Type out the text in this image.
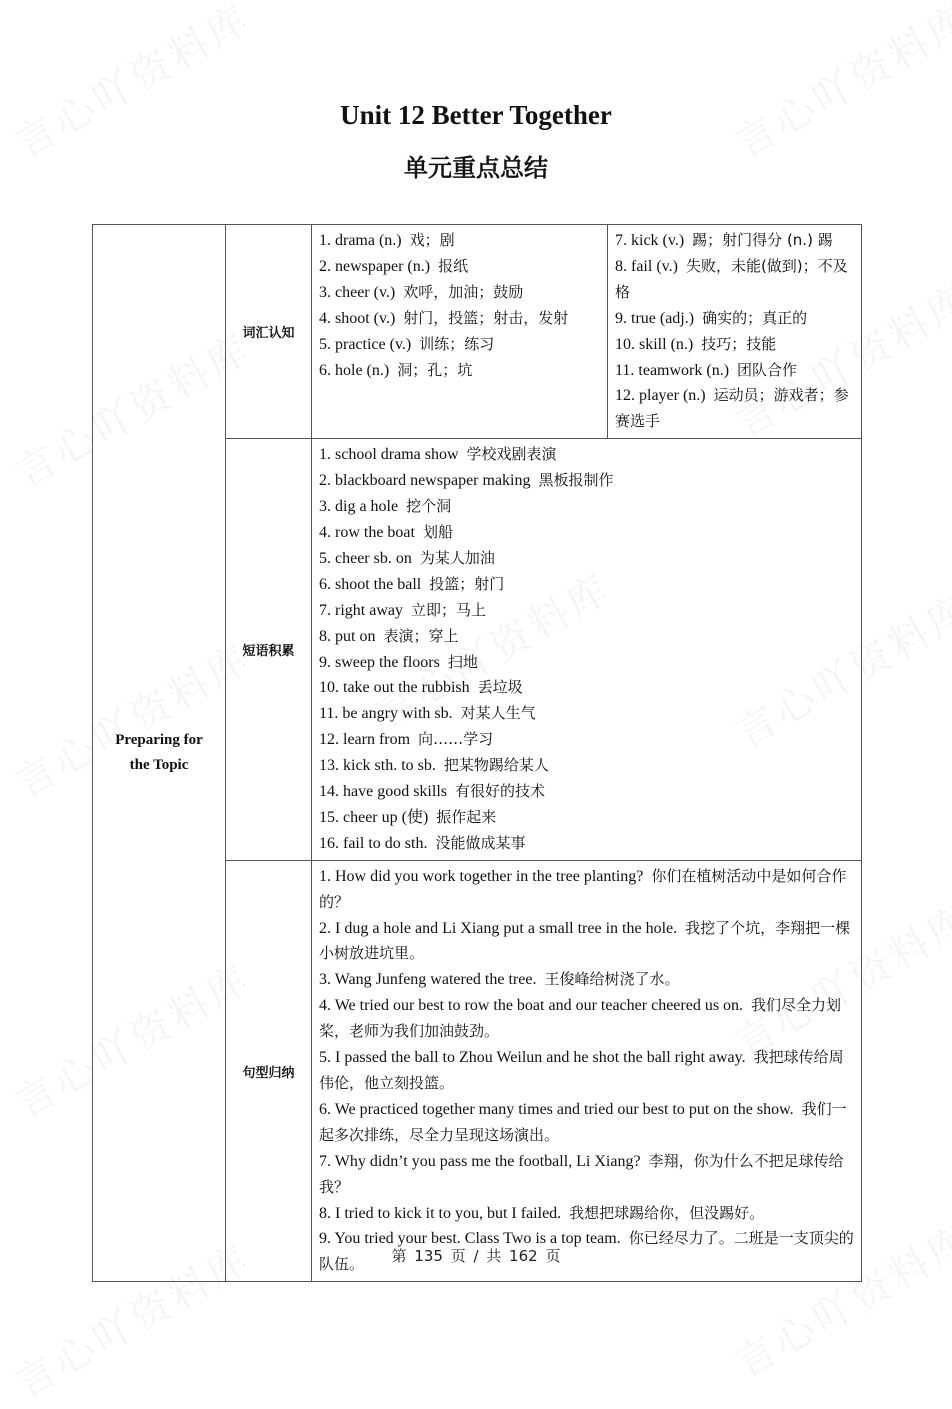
Unit 12 Better Together
单元重点总结
Preparing for the Topic	词汇认知	
1. drama (n.) 戏；剧
2. newspaper (n.) 报纸
3. cheer (v.) 欢呼，加油；鼓励
4. shoot (v.) 射门，投篮；射击，发射
5. practice (v.) 训练；练习
6. hole (n.) 洞；孔；坑
7. kick (v.) 踢；射门得分 (n.) 踢
8. fail (v.) 失败，未能(做到)；不及格
9. true (adj.) 确实的；真正的
10. skill (n.) 技巧；技能
11. teamwork (n.) 团队合作
12. player (n.) 运动员；游戏者；参赛选手

短语积累	
1. school drama show 学校戏剧表演
2. blackboard newspaper making 黑板报制作
3. dig a hole 挖个洞
4. row the boat 划船
5. cheer sb. on 为某人加油
6. shoot the ball 投篮；射门
7. right away 立即；马上
8. put on 表演；穿上
9. sweep the floors 扫地
10. take out the rubbish 丢垃圾
11. be angry with sb. 对某人生气
12. learn from 向……学习
13. kick sth. to sb. 把某物踢给某人
14. have good skills 有很好的技术
15. cheer up (使) 振作起来
16. fail to do sth. 没能做成某事

句型归纳	
1. How did you work together in the tree planting? 你们在植树活动中是如何合作的？
2. I dug a hole and Li Xiang put a small tree in the hole. 我挖了个坑，李翔把一棵小树放进坑里。
3. Wang Junfeng watered the tree. 王俊峰给树浇了水。
4. We tried our best to row the boat and our teacher cheered us on. 我们尽全力划桨，老师为我们加油鼓劲。
5. I passed the ball to Zhou Weilun and he shot the ball right away. 我把球传给周伟伦，他立刻投篮。
6. We practiced together many times and tried our best to put on the show. 我们一起多次排练，尽全力呈现这场演出。
7. Why didn’t you pass me the football, Li Xiang? 李翔，你为什么不把足球传给我？
8. I tried to kick it to you, but I failed. 我想把球踢给你，但没踢好。
9. You tried your best. Class Two is a top team. 你已经尽力了。二班是一支顶尖的队伍。	第 135 页 / 共 162 页
